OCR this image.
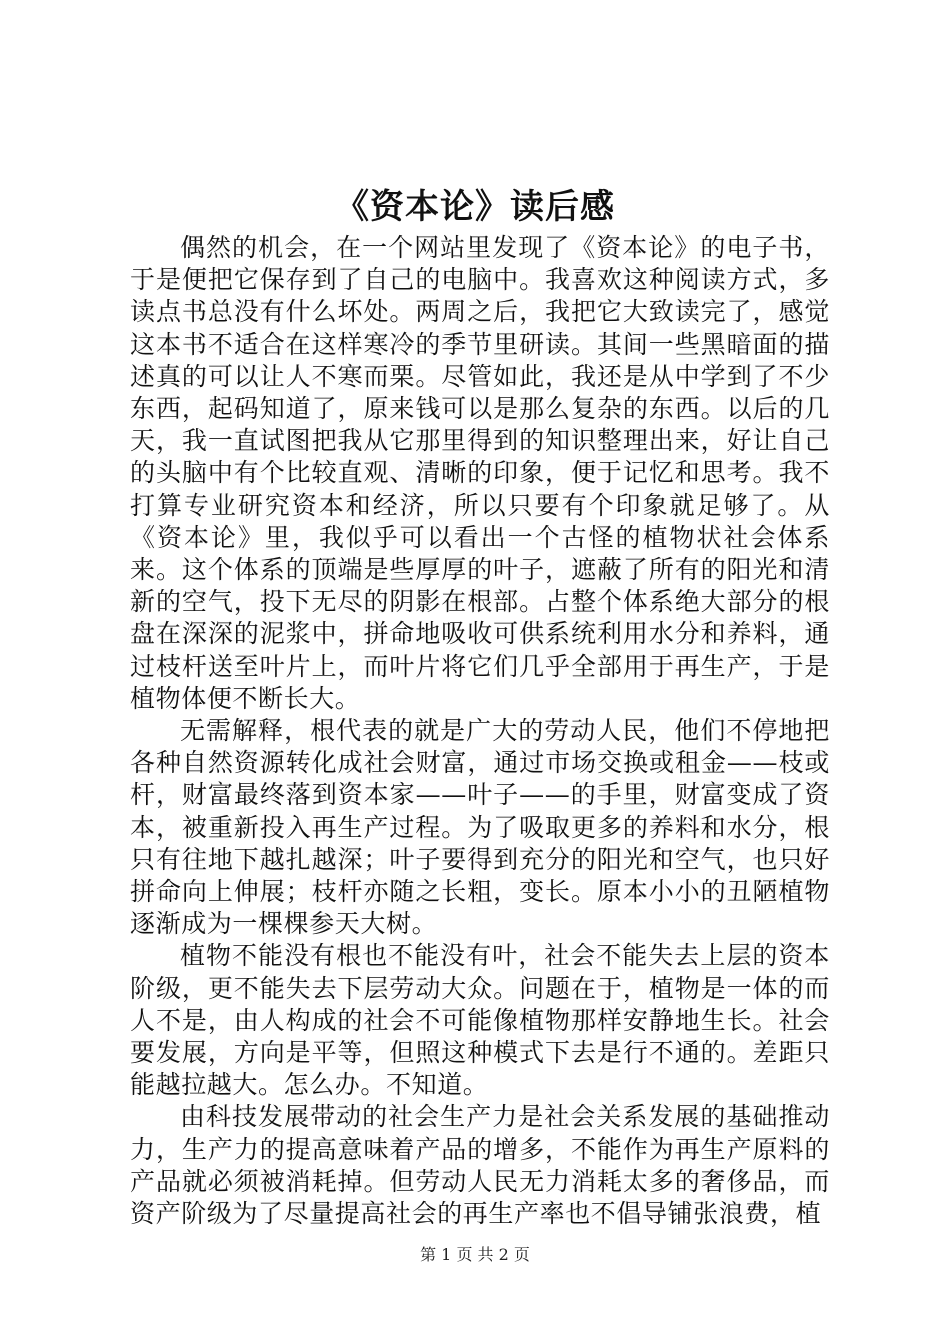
《资本论》读后感

偶然的机会，在一个网站里发现了《资本论》的电子书，于是便把它保存到了自己的电脑中。我喜欢这种阅读方式，多读点书总没有什么坏处。两周之后，我把它大致读完了，感觉这本书不适合在这样寒冷的季节里研读。其间一些黑暗面的描述真的可以让人不寒而栗。尽管如此，我还是从中学到了不少东西，起码知道了，原来钱可以是那么复杂的东西。以后的几天，我一直试图把我从它那里得到的知识整理出来，好让自己的头脑中有个比较直观、清晰的印象，便于记忆和思考。我不打算专业研究资本和经济，所以只要有个印象就足够了。从《资本论》里，我似乎可以看出一个古怪的植物状社会体系来。这个体系的顶端是些厚厚的叶子，遮蔽了所有的阳光和清新的空气，投下无尽的阴影在根部。占整个体系绝大部分的根盘在深深的泥浆中，拼命地吸收可供系统利用水分和养料，通过枝杆送至叶片上，而叶片将它们几乎全部用于再生产，于是植物体便不断长大。

无需解释，根代表的就是广大的劳动人民，他们不停地把各种自然资源转化成社会财富，通过市场交换或租金——枝或杆，财富最终落到资本家——叶子——的手里，财富变成了资本，被重新投入再生产过程。为了吸取更多的养料和水分，根只有往地下越扎越深；叶子要得到充分的阳光和空气，也只好拼命向上伸展；枝杆亦随之长粗，变长。原本小小的丑陋植物逐渐成为一棵棵参天大树。

植物不能没有根也不能没有叶，社会不能失去上层的资本阶级，更不能失去下层劳动大众。问题在于，植物是一体的而人不是，由人构成的社会不可能像植物那样安静地生长。社会要发展，方向是平等，但照这种模式下去是行不通的。差距只能越拉越大。怎么办。不知道。

由科技发展带动的社会生产力是社会关系发展的基础推动力，生产力的提高意味着产品的增多，不能作为再生产原料的产品就必须被消耗掉。但劳动人民无力消耗太多的奢侈品，而资产阶级为了尽量提高社会的再生产率也不倡导铺张浪费，植

第 1 页 共 2 页
